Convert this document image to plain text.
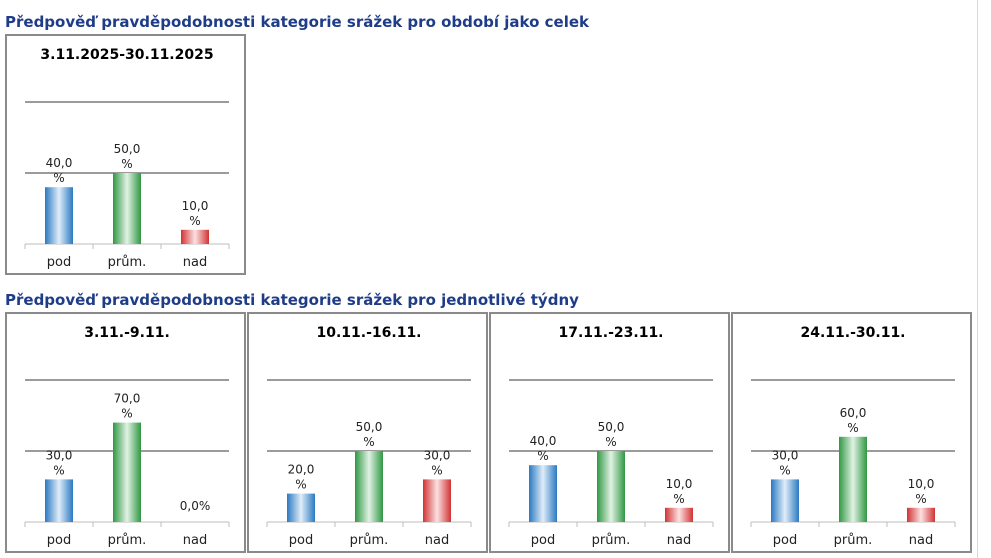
Předpověď pravděpodobnosti kategorie srážek pro období jako celek
3.11.2025-30.11.2025
40,0 %
pod
50,0 %
prům.
10,0 %
nad
Předpověď pravděpodobnosti kategorie srážek pro jednotlivé týdny
3.11.-9.11.
30,0 %
pod
70,0 %
prům.
0,0%
nad
10.11.-16.11.
20,0 %
pod
50,0 %
prům.
30,0 %
nad
17.11.-23.11.
40,0 %
pod
50,0 %
prům.
10,0 %
nad
24.11.-30.11.
30,0 %
pod
60,0 %
prům.
10,0 %
nad
